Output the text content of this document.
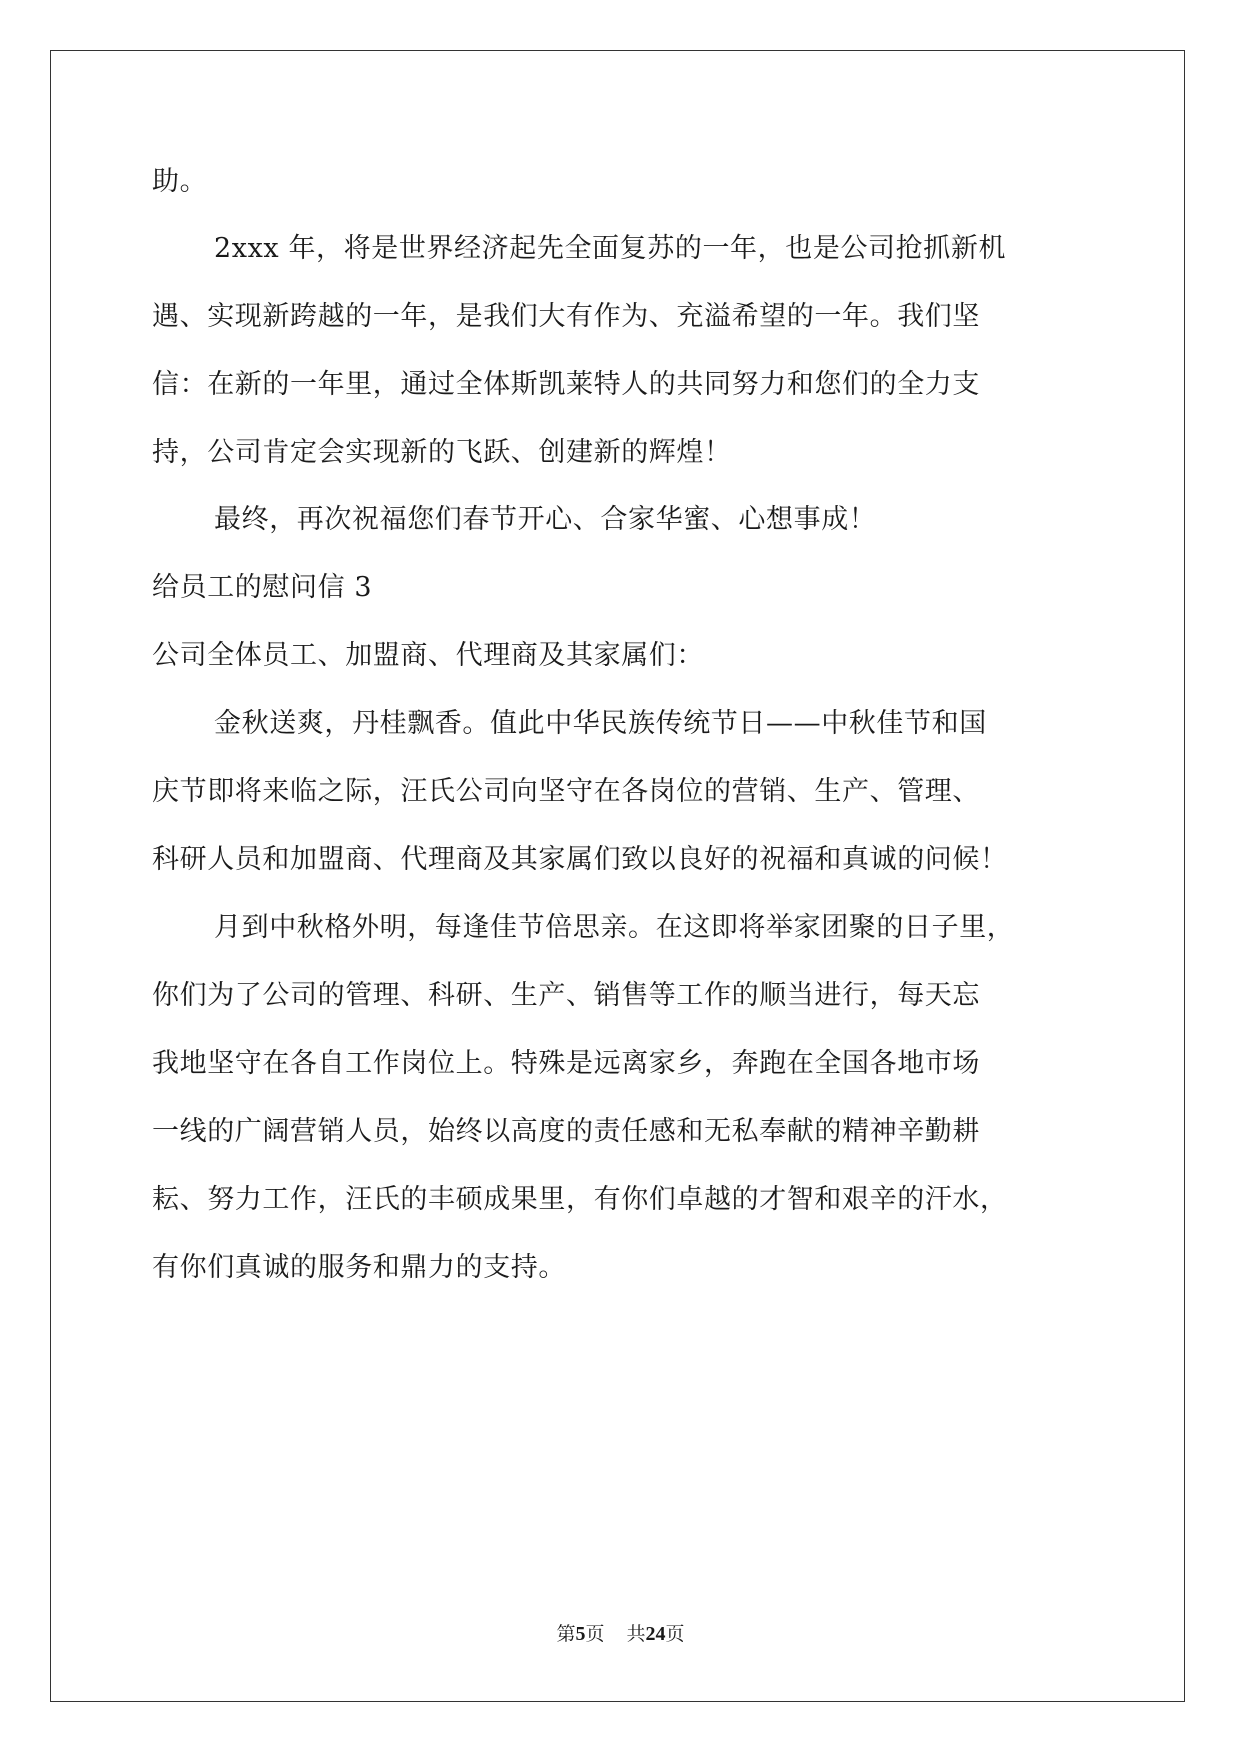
助。
2xxx 年，将是世界经济起先全面复苏的一年，也是公司抢抓新机
遇、实现新跨越的一年，是我们大有作为、充溢希望的一年。我们坚
信：在新的一年里，通过全体斯凯莱特人的共同努力和您们的全力支
持，公司肯定会实现新的飞跃、创建新的辉煌！
最终，再次祝福您们春节开心、合家华蜜、心想事成！
给员工的慰问信 3
公司全体员工、加盟商、代理商及其家属们：
金秋送爽，丹桂飘香。值此中华民族传统节日——中秋佳节和国
庆节即将来临之际，汪氏公司向坚守在各岗位的营销、生产、管理、
科研人员和加盟商、代理商及其家属们致以良好的祝福和真诚的问候！
月到中秋格外明，每逢佳节倍思亲。在这即将举家团聚的日子里，
你们为了公司的管理、科研、生产、销售等工作的顺当进行，每天忘
我地坚守在各自工作岗位上。特殊是远离家乡，奔跑在全国各地市场
一线的广阔营销人员，始终以高度的责任感和无私奉献的精神辛勤耕
耘、努力工作，汪氏的丰硕成果里，有你们卓越的才智和艰辛的汗水，
有你们真诚的服务和鼎力的支持。
第5页 共24页
